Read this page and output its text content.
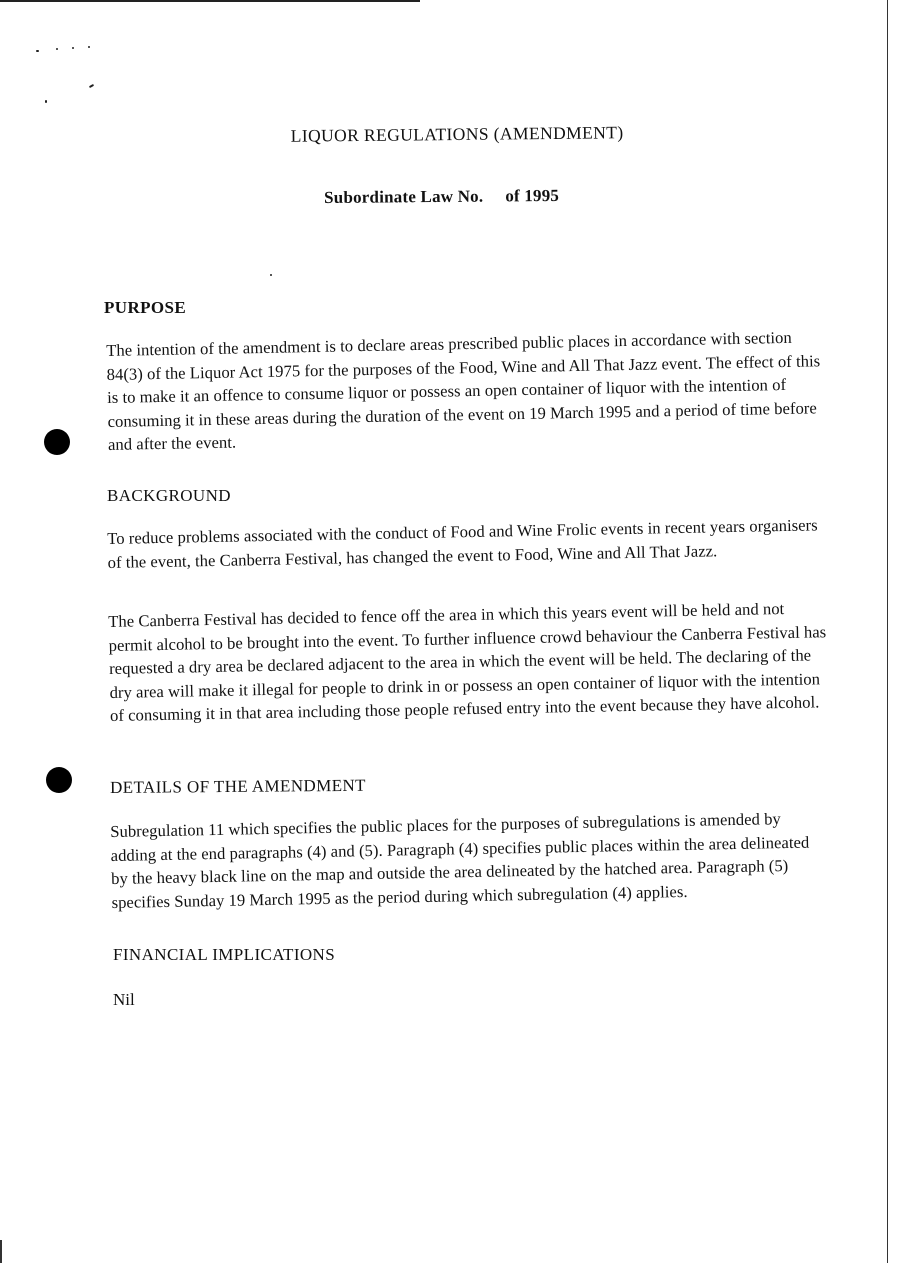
LIQUOR REGULATIONS (AMENDMENT)
Subordinate Law No. of 1995
PURPOSE

The intention of the amendment is to declare areas prescribed public places in accordance with section 84(3) of the Liquor Act 1975 for the purposes of the Food, Wine and All That Jazz event. The effect of this is to make it an offence to consume liquor or possess an open container of liquor with the intention of consuming it in these areas during the duration of the event on 19 March 1995 and a period of time before and after the event.

BACKGROUND

To reduce problems associated with the conduct of Food and Wine Frolic events in recent years organisers of the event, the Canberra Festival, has changed the event to Food, Wine and All That Jazz.

The Canberra Festival has decided to fence off the area in which this years event will be held and not permit alcohol to be brought into the event. To further influence crowd behaviour the Canberra Festival has requested a dry area be declared adjacent to the area in which the event will be held. The declaring of the dry area will make it illegal for people to drink in or possess an open container of liquor with the intention of consuming it in that area including those people refused entry into the event because they have alcohol.

DETAILS OF THE AMENDMENT

Subregulation 11 which specifies the public places for the purposes of subregulations is amended by adding at the end paragraphs (4) and (5). Paragraph (4) specifies public places within the area delineated by the heavy black line on the map and outside the area delineated by the hatched area. Paragraph (5) specifies Sunday 19 March 1995 as the period during which subregulation (4) applies.

FINANCIAL IMPLICATIONS
Nil
